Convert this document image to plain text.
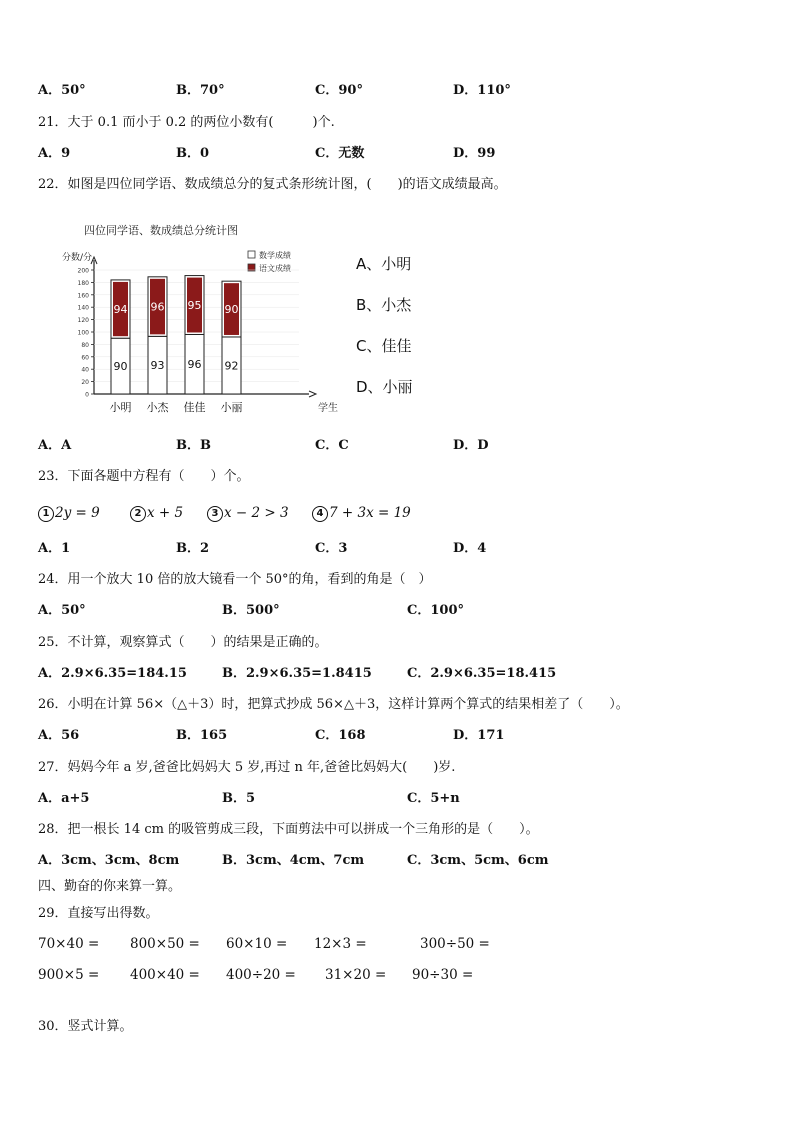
A．50°	B．70°	C．90°	D．110°
21．大于 0.1 而小于 0.2 的两位小数有(　　　)个.
A．9	B．0	C．无数	D．99
22．如图是四位同学语、数成绩总分的复式条形统计图，(　　)的语文成绩最高。
四位同学语、数成绩总分统计图
分数/分
学生
数学成绩
语文成绩
90
94
93
96
96
95
92
90
0
20
40
60
80
100
120
140
160
180
200
小明 小杰 佳佳 小丽
A、小明
B、小杰
C、佳佳
D、小丽
A．A	B．B	C．C	D．D
23．下面各题中方程有（　　）个。
1 2y = 9	2 x + 5	3 x − 2 > 3	4 7 + 3x = 19
A．1	B．2	C．3	D．4
24．用一个放大 10 倍的放大镜看一个 50°的角，看到的角是（　）
A．50°	B．500°	C．100°
25．不计算，观察算式（　　）的结果是正确的。
A．2.9×6.35=184.15	B．2.9×6.35=1.8415	C．2.9×6.35=18.415
26．小明在计算 56×（△＋3）时，把算式抄成 56×△＋3，这样计算两个算式的结果相差了（　　）。
A．56	B．165	C．168	D．171
27．妈妈今年 a 岁,爸爸比妈妈大 5 岁,再过 n 年,爸爸比妈妈大(　　)岁.
A．a+5	B．5	C．5+n
28．把一根长 14 cm 的吸管剪成三段，下面剪法中可以拼成一个三角形的是（　　）。
A．3cm、3cm、8cm	B．3cm、4cm、7cm	C．3cm、5cm、6cm
四、勤奋的你来算一算。
29．直接写出得数。
70×40 = 800×50 = 60×10 = 12×3 =	300÷50 =
900×5 = 400×40 = 400÷20 = 31×20 = 90÷30 =
30．竖式计算。
